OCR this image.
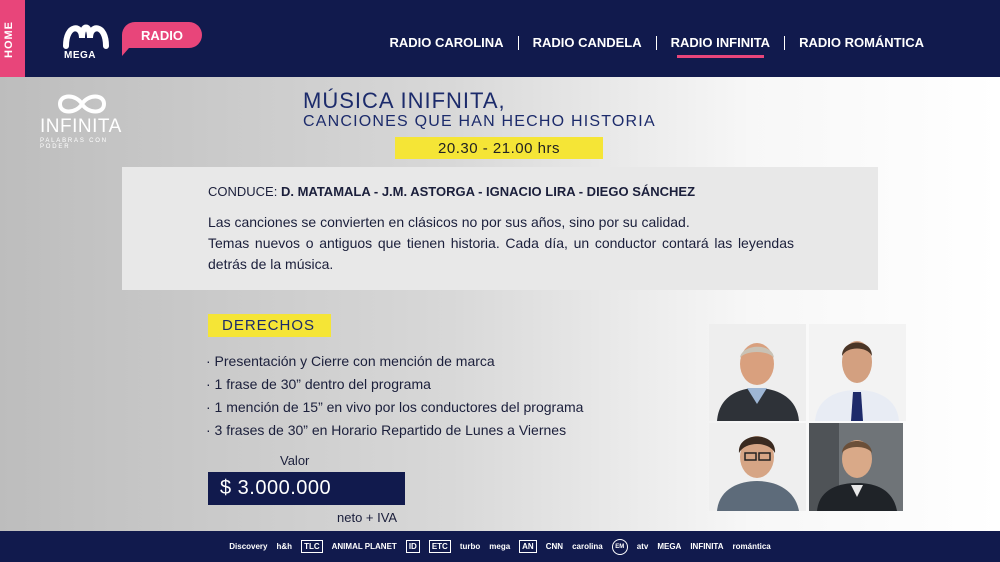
HOME	MEGA
RADIO	RADIO CAROLINA	RADIO CANDELA	RADIO INFINITA	RADIO ROMÁNTICA
INFINITA
PALABRAS CON PODER
MÚSICA INIFNITA,
CANCIONES QUE HAN HECHO HISTORIA
20.30 - 21.00 hrs
CONDUCE: D. MATAMALA - J.M. ASTORGA - IGNACIO LIRA - DIEGO SÁNCHEZ
Las canciones se convierten en clásicos no por sus años, sino por su calidad.
Temas nuevos o antiguos que tienen historia. Cada día, un conductor contará las leyendas detrás de la música.
DERECHOS
· Presentación y Cierre con mención de marca
· 1 frase de 30” dentro del programa
· 1 mención de 15” en vivo por los conductores del programa
· 3 frases de 30” en Horario Repartido de Lunes a Viernes
Valor
$ 3.000.000
neto + IVA
Discovery h&h	TLC	ANIMAL PLANET	ID	ETC	turbo mega	AN	CNN carolina	EM	atv MEGA INFINITA romántica
